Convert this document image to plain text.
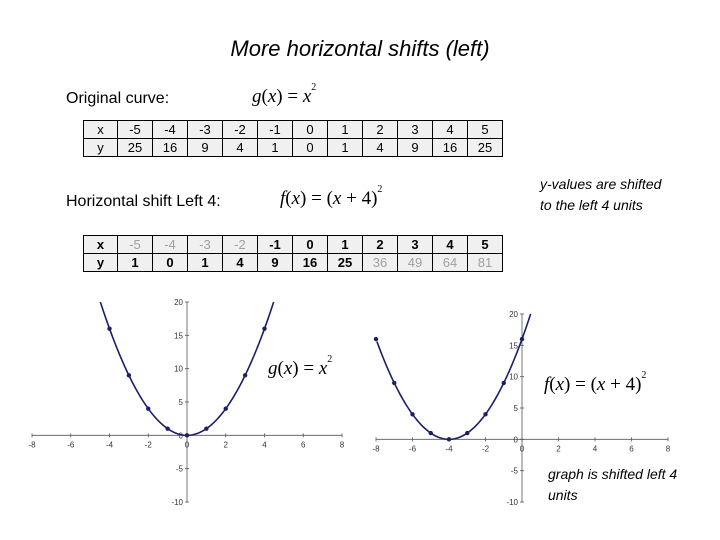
More horizontal shifts (left)
Original curve:	$g(x) = x^2$
x	-5	-4	-3	-2	-1	0	1	2	3	4	5
y	25	16	9	4	1	0	1	4	9	16	25
Horizontal shift Left 4:	$f(x) = (x + 4)^2$	y-values are shifted to the left 4 units
x	-5	-4	-3	-2	-1	0	1	2	3	4	5
y	1	0	1	4	9	16	25	36	49	64	81
-8	-6	-4	-2	0	2	4	6	8
-10
-5
5
10
15
20
0
$g(x) = x^2$
-8	-6	-4	-2	0	2	4	6	8
-10
-5
5
10
15
20
0
$f(x) = (x + 4)^2$
graph is shifted left 4 units
